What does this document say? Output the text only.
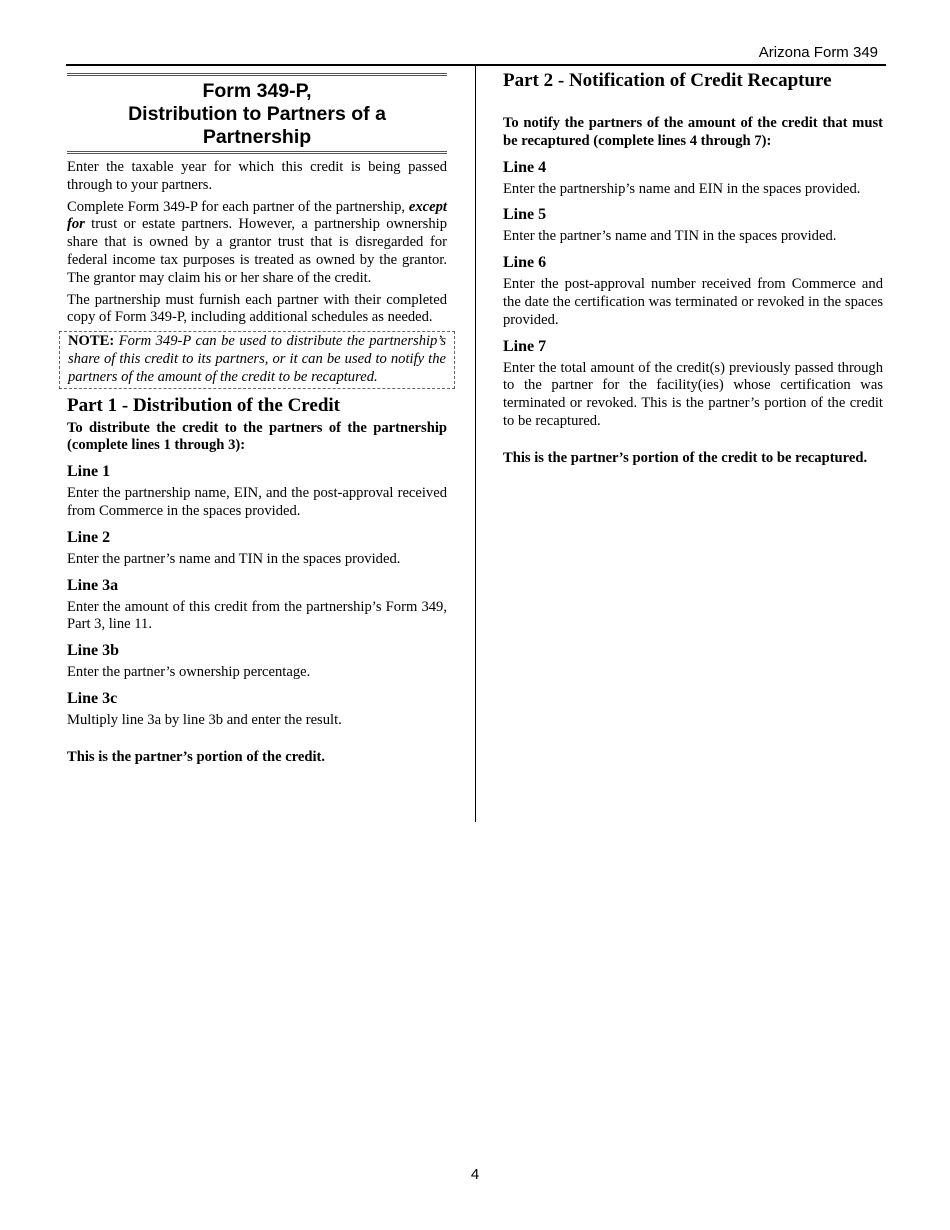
Arizona Form 349
Form 349-P,
Distribution to Partners of a
Partnership

Enter the taxable year for which this credit is being passed through to your partners.

Complete Form 349-P for each partner of the partnership, except for trust or estate partners. However, a partnership ownership share that is owned by a grantor trust that is disregarded for federal income tax purposes is treated as owned by the grantor. The grantor may claim his or her share of the credit.

The partnership must furnish each partner with their completed copy of Form 349-P, including additional schedules as needed.

NOTE: Form 349-P can be used to distribute the partnership’s share of this credit to its partners, or it can be used to notify the partners of the amount of the credit to be recaptured.

Part 1 - Distribution of the Credit

To distribute the credit to the partners of the partnership (complete lines 1 through 3):

Line 1

Enter the partnership name, EIN, and the post-approval received from Commerce in the spaces provided.

Line 2

Enter the partner’s name and TIN in the spaces provided.

Line 3a

Enter the amount of this credit from the partnership’s Form 349, Part 3, line 11.

Line 3b

Enter the partner’s ownership percentage.

Line 3c

Multiply line 3a by line 3b and enter the result.

This is the partner’s portion of the credit.

Part 2 - Notification of Credit Recapture

To notify the partners of the amount of the credit that must be recaptured (complete lines 4 through 7):

Line 4

Enter the partnership’s name and EIN in the spaces provided.

Line 5

Enter the partner’s name and TIN in the spaces provided.

Line 6

Enter the post-approval number received from Commerce and the date the certification was terminated or revoked in the spaces provided.

Line 7

Enter the total amount of the credit(s) previously passed through to the partner for the facility(ies) whose certification was terminated or revoked. This is the partner’s portion of the credit to be recaptured.

This is the partner’s portion of the credit to be recaptured.

4
